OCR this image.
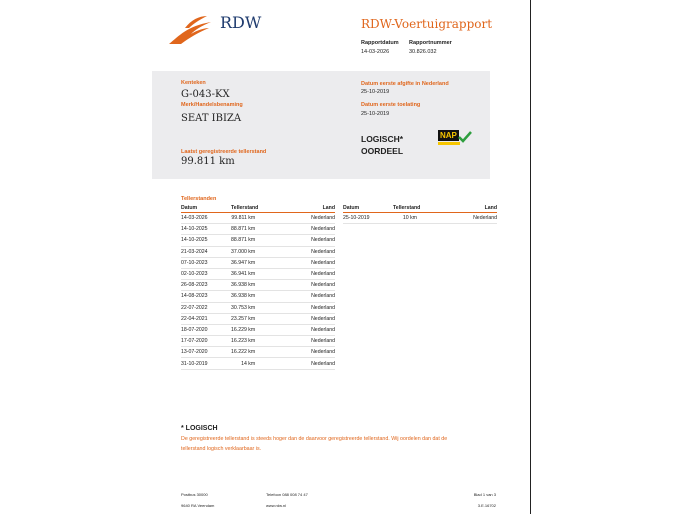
RDW	RDW-Voertuigrapport
Rapportdatum
14-03-2026
Rapportnummer
30.826.032
Kenteken
G-043-KX
Merk/Handelsbenaming
SEAT IBIZA
Laatst geregistreerde tellerstand
99.811 km
Datum eerste afgifte in Nederland
25-10-2019
Datum eerste toelating
25-10-2019
LOGISCH*
OORDEEL
NAP
Tellerstanden
Datum	Tellerstand	Land
14-03-2026	99.811 km	Nederland
14-10-2025	88.871 km	Nederland
14-10-2025	88.871 km	Nederland
21-03-2024	37.000 km	Nederland
07-10-2023	36.947 km	Nederland
02-10-2023	36.941 km	Nederland
26-08-2023	36.938 km	Nederland
14-08-2023	36.938 km	Nederland
22-07-2022	30.753 km	Nederland
22-04-2021	23.257 km	Nederland
18-07-2020	16.229 km	Nederland
17-07-2020	16.223 km	Nederland
13-07-2020	16.222 km	Nederland
31-10-2019	14 km	Nederland
Datum	Tellerstand	Land
25-10-2019	10 km	Nederland
* LOGISCH
De geregistreerde tellerstand is steeds hoger dan de daarvoor geregistreerde tellerstand. Wij oordelen dan dat de
tellerstand logisch verklaarbaar is.
Postbus 30000
9640 RA Veendam
Telefoon 088 008 74 47
www.rdw.nl
Blad 1 van 3
3.E.16702
